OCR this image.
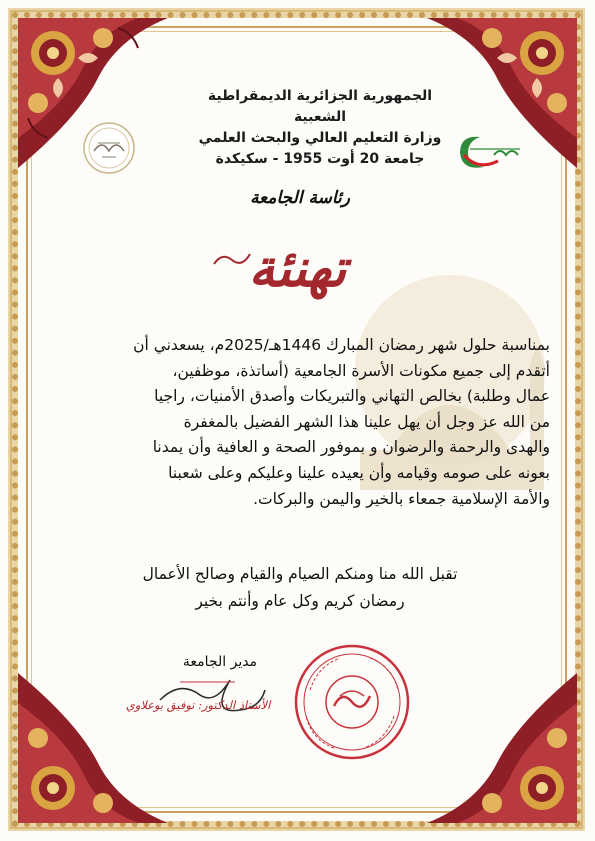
الجمهورية الجزائرية الديمقراطية الشعبية
وزارة التعليم العالي والبحث العلمي
جامعة 20 أوت 1955 - سكيكدة
رئاسة الجامعة
تهنئة

بمناسبة حلول شهر رمضان المبارك 1446هـ/2025م، يسعدني أن

أتقدم إلى جميع مكونات الأسرة الجامعية (أساتذة، موظفين،

عمال وطلبة) بخالص التهاني والتبريكات وأصدق الأمنيات، راجيا

من الله عز وجل أن يهل علينا هذا الشهر الفضيل بالمغفرة

والهدى والرحمة والرضوان و بموفور الصحة و العافية وأن يمدنا

بعونه على صومه وقيامه وأن يعيده علينا وعليكم وعلى شعبنا

والأمة الإسلامية جمعاء بالخير واليمن والبركات.

تقبل الله منا ومنكم الصيام والقيام وصالح الأعمال
رمضان كريم وكل عام وأنتم بخير
مدير الجامعة
الأستاذ الدكتور: توفيق بوعلاوي
